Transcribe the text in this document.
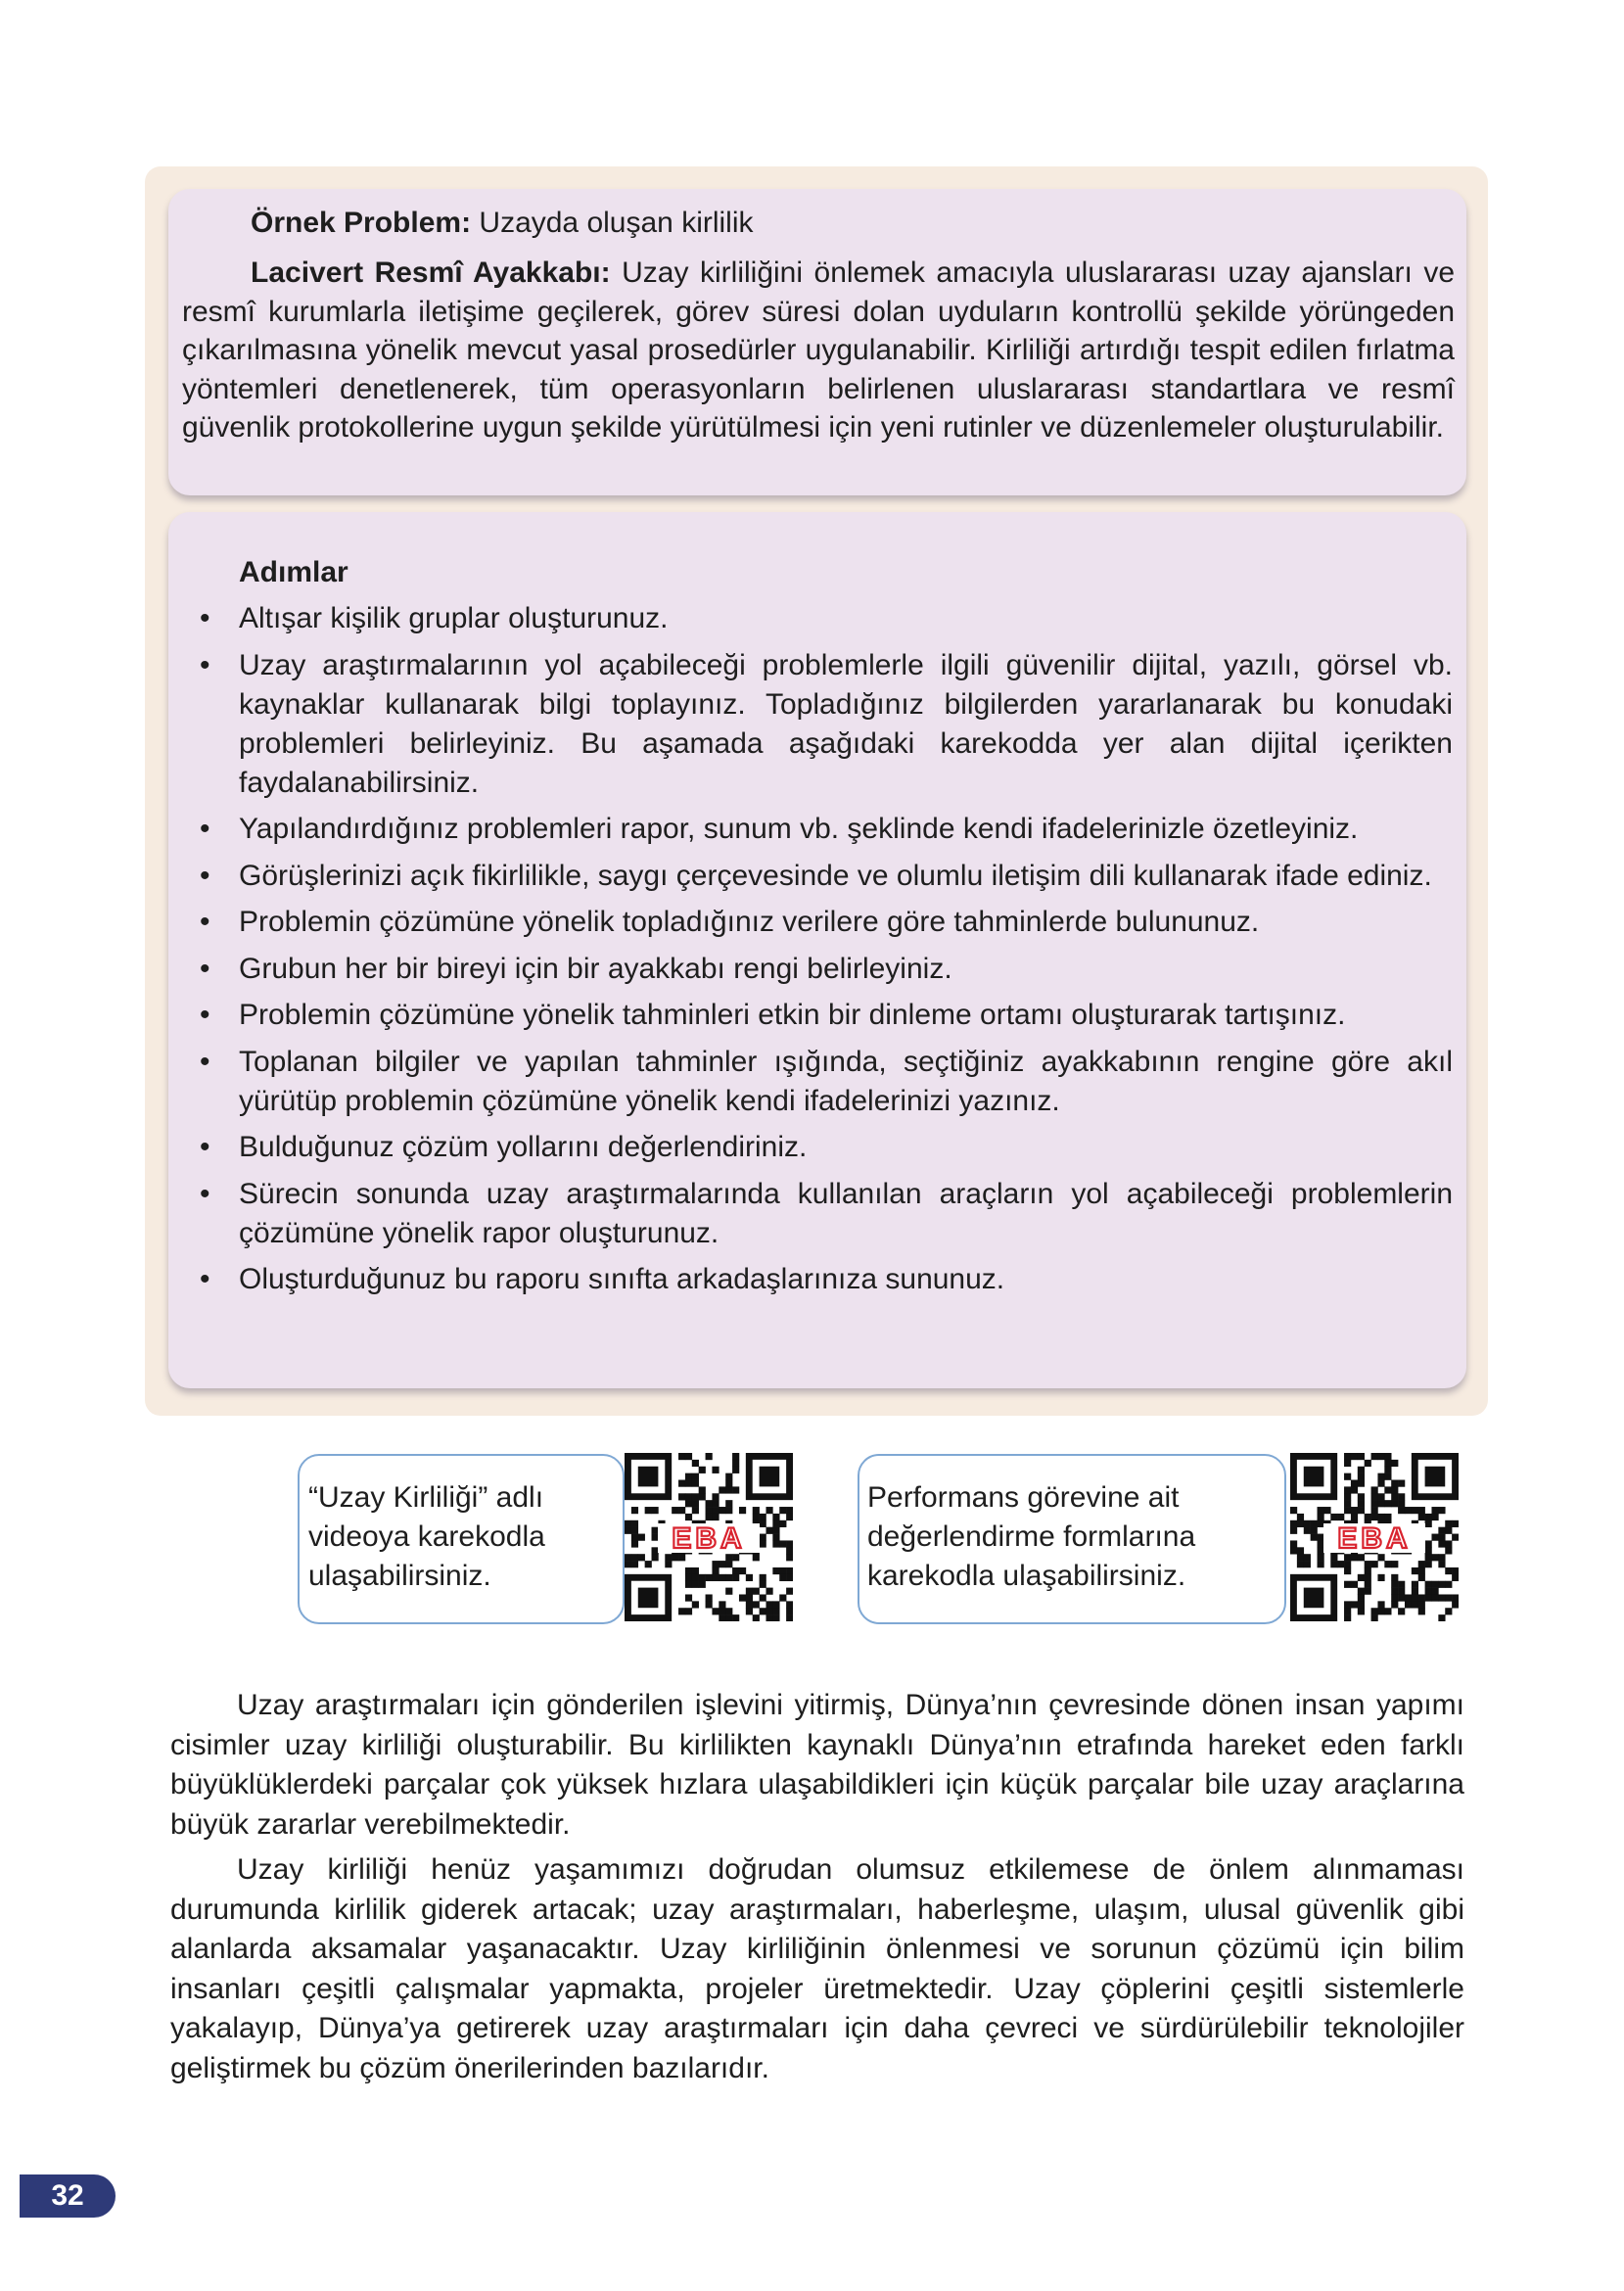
Örnek Problem: Uzayda oluşan kirlilik

Lacivert Resmî Ayakkabı: Uzay kirliliğini önlemek amacıyla uluslararası uzay ajansları ve resmî kurumlarla iletişime geçilerek, görev süresi dolan uyduların kontrollü şekilde yörüngeden çıkarılmasına yönelik mevcut yasal prosedürler uygulanabilir. Kirliliği artırdığı tespit edilen fırlatma yöntemleri denetlenerek, tüm operasyonların belirlenen uluslararası standartlara ve resmî güvenlik protokollerine uygun şekilde yürütülmesi için yeni rutinler ve düzenlemeler oluşturulabilir.

Adımlar
• Altışar kişilik gruplar oluşturunuz.
• Uzay araştırmalarının yol açabileceği problemlerle ilgili güvenilir dijital, yazılı, görsel vb. kaynaklar kullanarak bilgi toplayınız. Topladığınız bilgilerden yararlanarak bu konudaki problemleri belirleyiniz. Bu aşamada aşağıdaki karekodda yer alan dijital içerikten faydalanabilirsiniz.
• Yapılandırdığınız problemleri rapor, sunum vb. şeklinde kendi ifadelerinizle özetleyiniz.
• Görüşlerinizi açık fikirlilikle, saygı çerçevesinde ve olumlu iletişim dili kullanarak ifade ediniz.
• Problemin çözümüne yönelik topladığınız verilere göre tahminlerde bulununuz.
• Grubun her bir bireyi için bir ayakkabı rengi belirleyiniz.
• Problemin çözümüne yönelik tahminleri etkin bir dinleme ortamı oluşturarak tartışınız.
• Toplanan bilgiler ve yapılan tahminler ışığında, seçtiğiniz ayakkabının rengine göre akıl yürütüp problemin çözümüne yönelik kendi ifadelerinizi yazınız.
• Bulduğunuz çözüm yollarını değerlendiriniz.
• Sürecin sonunda uzay araştırmalarında kullanılan araçların yol açabileceği problemlerin çözümüne yönelik rapor oluşturunuz.
• Oluşturduğunuz bu raporu sınıfta arkadaşlarınıza sununuz.

“Uzay Kirliliği” adlı
videoya karekodla
ulaşabilirsiniz.

EBA

Performans görevine ait
değerlendirme formlarına
karekodla ulaşabilirsiniz.

EBA

Uzay araştırmaları için gönderilen işlevini yitirmiş, Dünya’nın çevresinde dönen insan yapımı cisimler uzay kirliliği oluşturabilir. Bu kirlilikten kaynaklı Dünya’nın etrafında hareket eden farklı büyüklüklerdeki parçalar çok yüksek hızlara ulaşabildikleri için küçük parçalar bile uzay araçlarına büyük zararlar verebilmektedir.

Uzay kirliliği henüz yaşamımızı doğrudan olumsuz etkilemese de önlem alınmaması durumunda kirlilik giderek artacak; uzay araştırmaları, haberleşme, ulaşım, ulusal güvenlik gibi alanlarda aksamalar yaşanacaktır. Uzay kirliliğinin önlenmesi ve sorunun çözümü için bilim insanları çeşitli çalışmalar yapmakta, projeler üretmektedir. Uzay çöplerini çeşitli sistemlerle yakalayıp, Dünya’ya getirerek uzay araştırmaları için daha çevreci ve sürdürülebilir teknolojiler geliştirmek bu çözüm önerilerinden bazılarıdır.

32
